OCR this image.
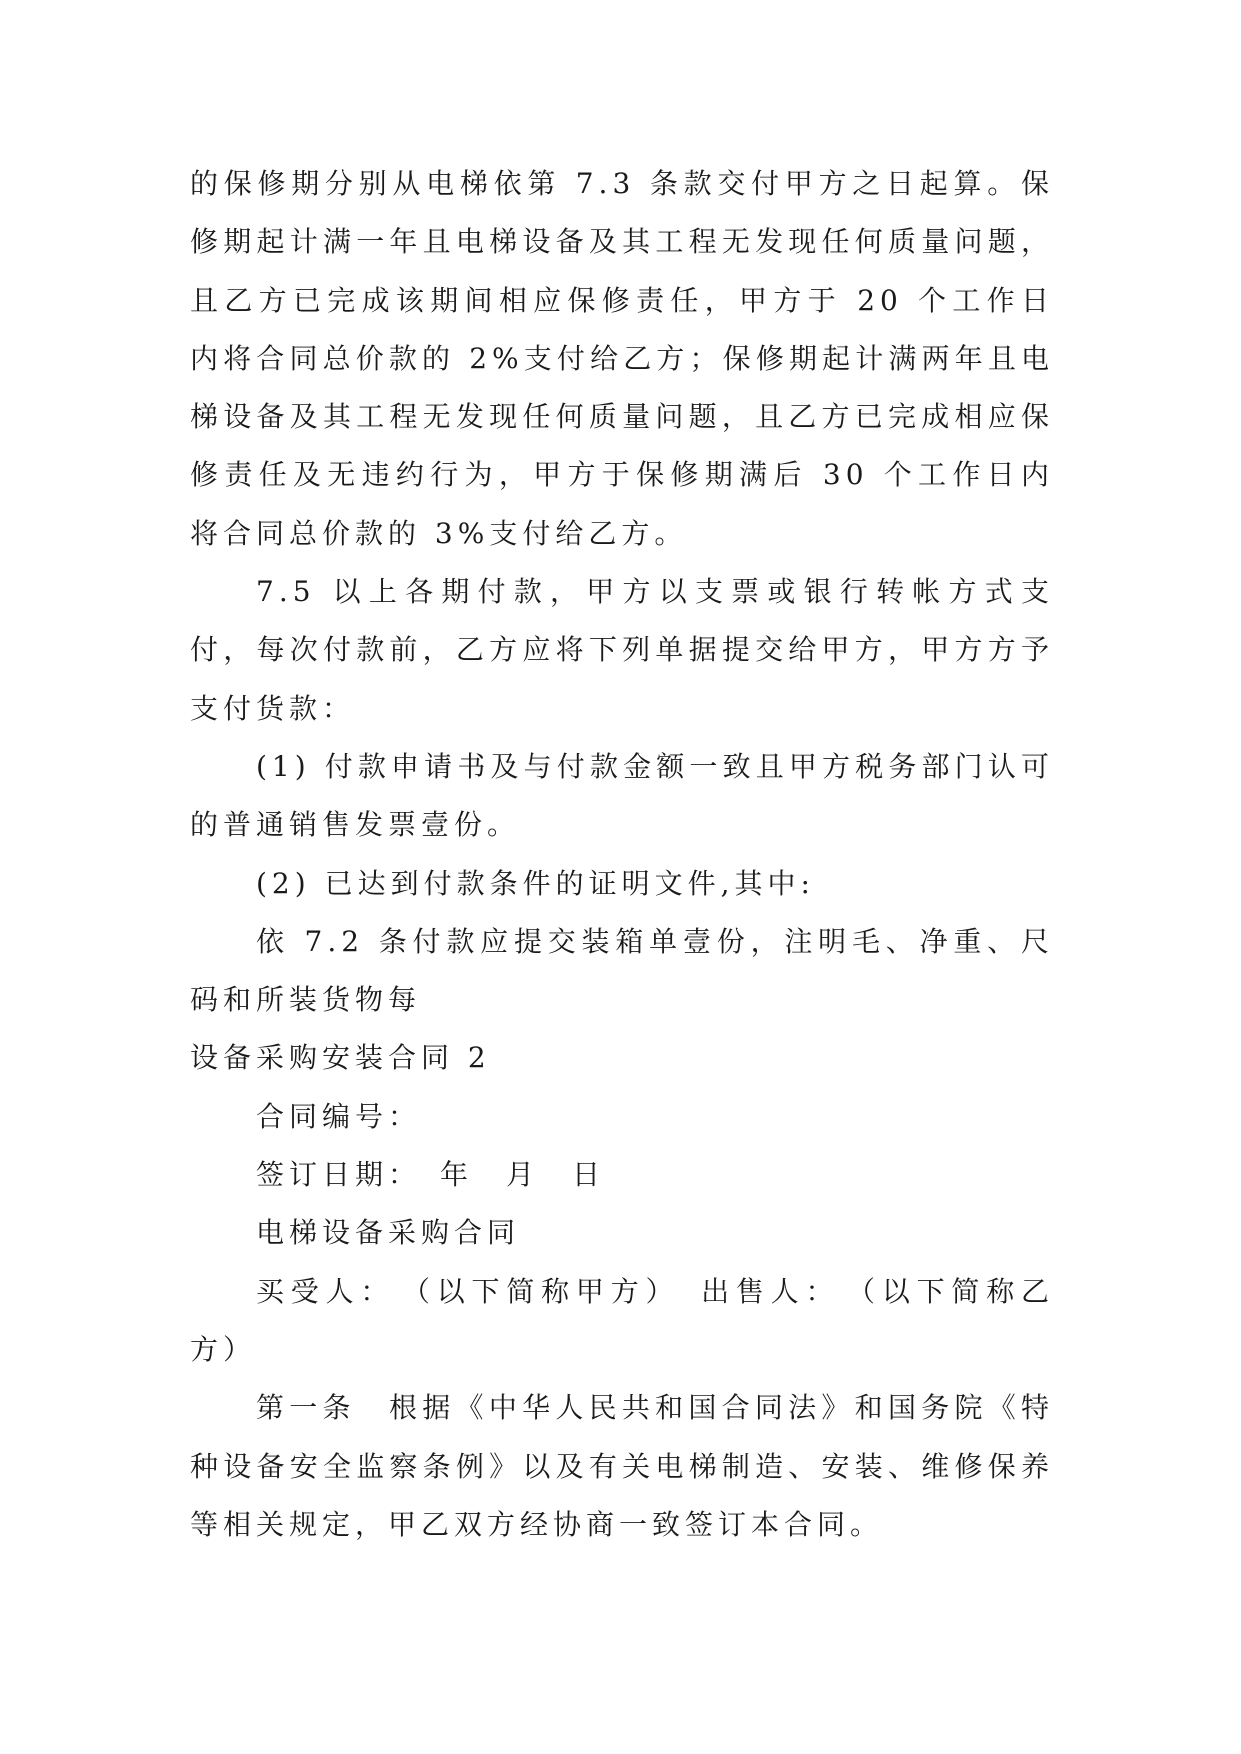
的保修期分别从电梯依第 7.3 条款交付甲方之日起算。保修期起计满一年且电梯设备及其工程无发现任何质量问题，且乙方已完成该期间相应保修责任，甲方于 20 个工作日内将合同总价款的 2%支付给乙方；保修期起计满两年且电梯设备及其工程无发现任何质量问题，且乙方已完成相应保修责任及无违约行为，甲方于保修期满后 30 个工作日内将合同总价款的 3%支付给乙方。

7.5 以上各期付款，甲方以支票或银行转帐方式支付，每次付款前，乙方应将下列单据提交给甲方，甲方方予支付货款：

(1) 付款申请书及与付款金额一致且甲方税务部门认可的普通销售发票壹份。

(2) 已达到付款条件的证明文件,其中:

依 7.2 条付款应提交装箱单壹份，注明毛、净重、尺码和所装货物每

设备采购安装合同 2

合同编号：

签订日期：　年　月　日

电梯设备采购合同

买受人：　（以下简称甲方）　出售人：　（以下简称乙方）

第一条　根据《中华人民共和国合同法》和国务院《特种设备安全监察条例》以及有关电梯制造、安装、维修保养等相关规定，甲乙双方经协商一致签订本合同。
